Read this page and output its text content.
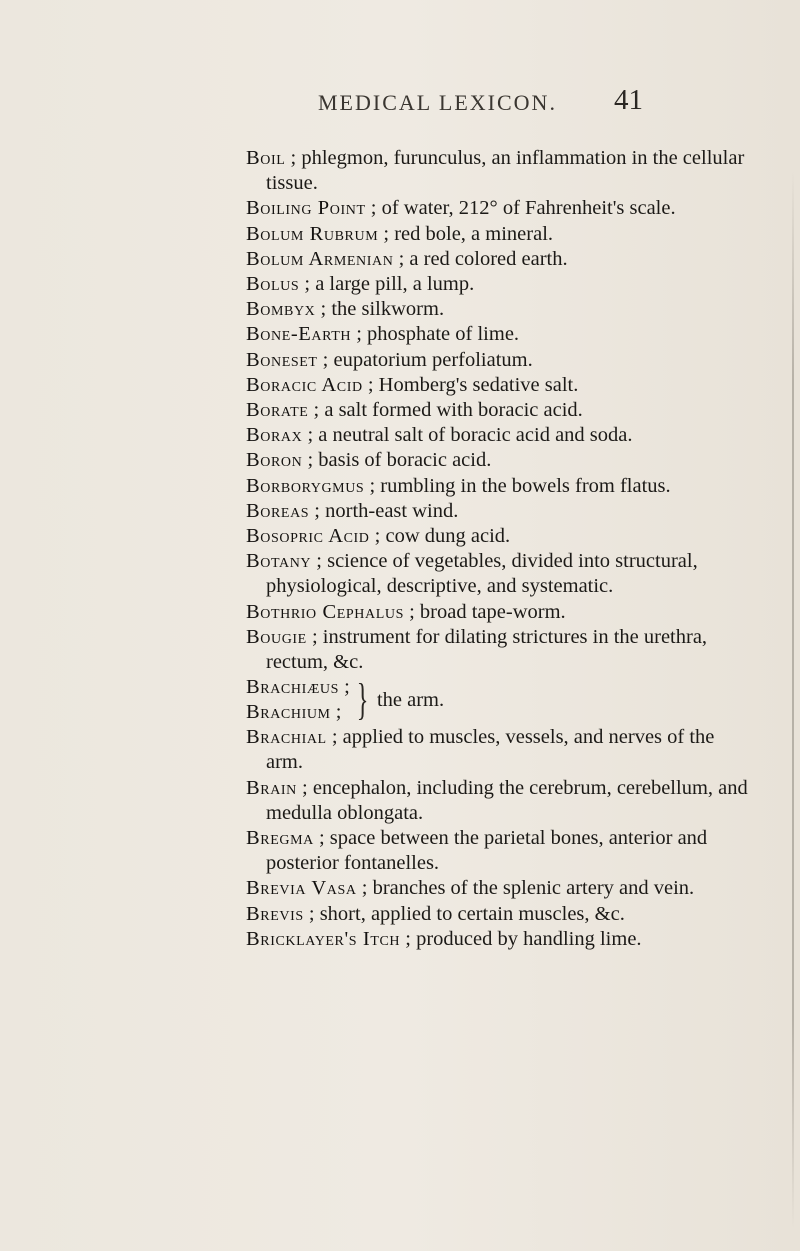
MEDICAL LEXICON. 41

Boil ; phlegmon, furunculus, an inflammation in the cellular tissue.

Boiling Point ; of water, 212° of Fahrenheit's scale.

Bolum Rubrum ; red bole, a mineral.

Bolum Armenian ; a red colored earth.

Bolus ; a large pill, a lump.

Bombyx ; the silkworm.

Bone-Earth ; phosphate of lime.

Boneset ; eupatorium perfoliatum.

Boracic Acid ; Homberg's sedative salt.

Borate ; a salt formed with boracic acid.

Borax ; a neutral salt of boracic acid and soda.

Boron ; basis of boracic acid.

Borborygmus ; rumbling in the bowels from flatus.

Boreas ; north-east wind.

Bosopric Acid ; cow dung acid.

Botany ; science of vegetables, divided into structural, physiological, descriptive, and systematic.

Bothrio Cephalus ; broad tape-worm.

Bougie ; instrument for dilating strictures in the urethra, rectum, &c.

Brachiæus ;
Brachium ; } the arm.

Brachial ; applied to muscles, vessels, and nerves of the arm.

Brain ; encephalon, including the cerebrum, cerebellum, and medulla oblongata.

Bregma ; space between the parietal bones, anterior and posterior fontanelles.

Brevia Vasa ; branches of the splenic artery and vein.

Brevis ; short, applied to certain muscles, &c.

Bricklayer's Itch ; produced by handling lime.
